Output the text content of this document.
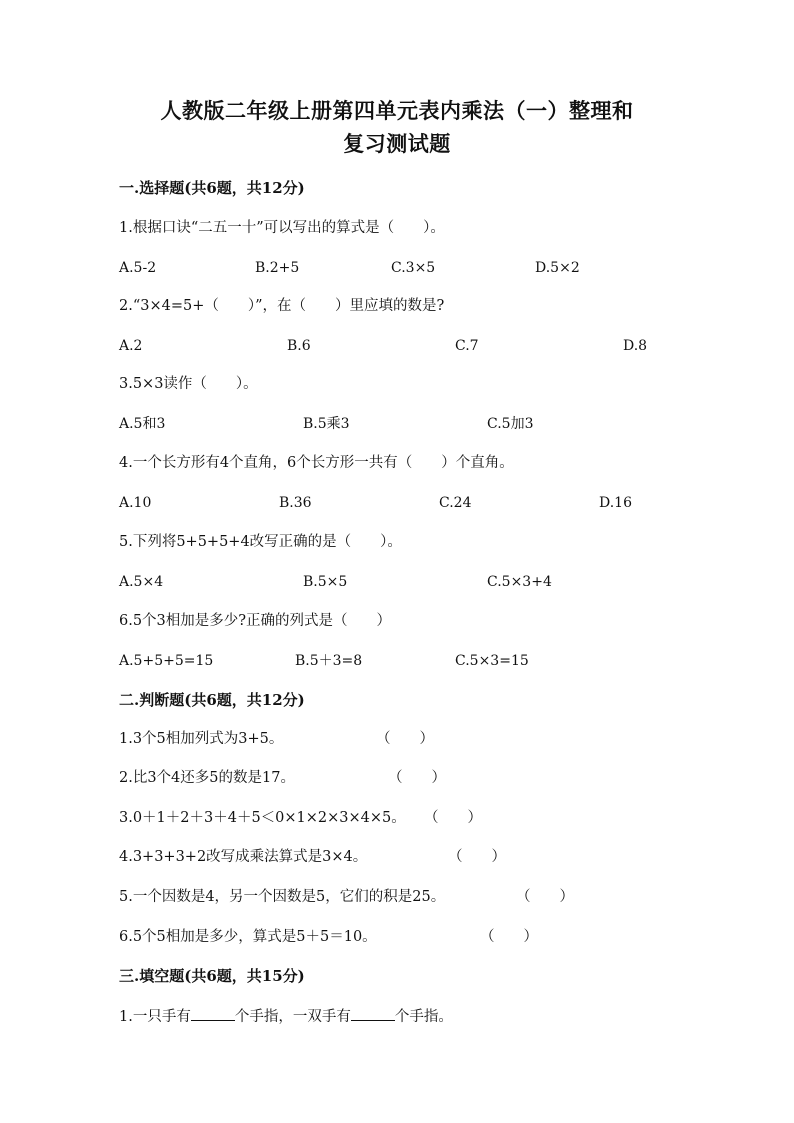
人教版二年级上册第四单元表内乘法（一）整理和
复习测试题
一.选择题(共6题，共12分)
1.根据口诀“二五一十”可以写出的算式是（　　）。
A.5-2	B.2+5	C.3×5	D.5×2
2.“3×4=5+（　　）”，在（　　）里应填的数是?
A.2	B.6	C.7	D.8
3.5×3读作（　　）。
A.5和3	B.5乘3	C.5加3
4.一个长方形有4个直角，6个长方形一共有（　　）个直角。
A.10	B.36	C.24	D.16
5.下列将5+5+5+4改写正确的是（　　）。
A.5×4	B.5×5	C.5×3+4
6.5个3相加是多少?正确的列式是（　　）
A.5+5+5=15	B.5＋3=8	C.5×3=15
二.判断题(共6题，共12分)
1.3个5相加列式为3+5。	（　　）
2.比3个4还多5的数是17。	（　　）
3.0＋1＋2＋3＋4＋5＜0×1×2×3×4×5。 （　　）
4.3+3+3+2改写成乘法算式是3×4。	（　　）
5.一个因数是4，另一个因数是5，它们的积是25。	（　　）
6.5个5相加是多少，算式是5＋5＝10。	（　　）
三.填空题(共6题，共15分)
1.一只手有	个手指，一双手有	个手指。
